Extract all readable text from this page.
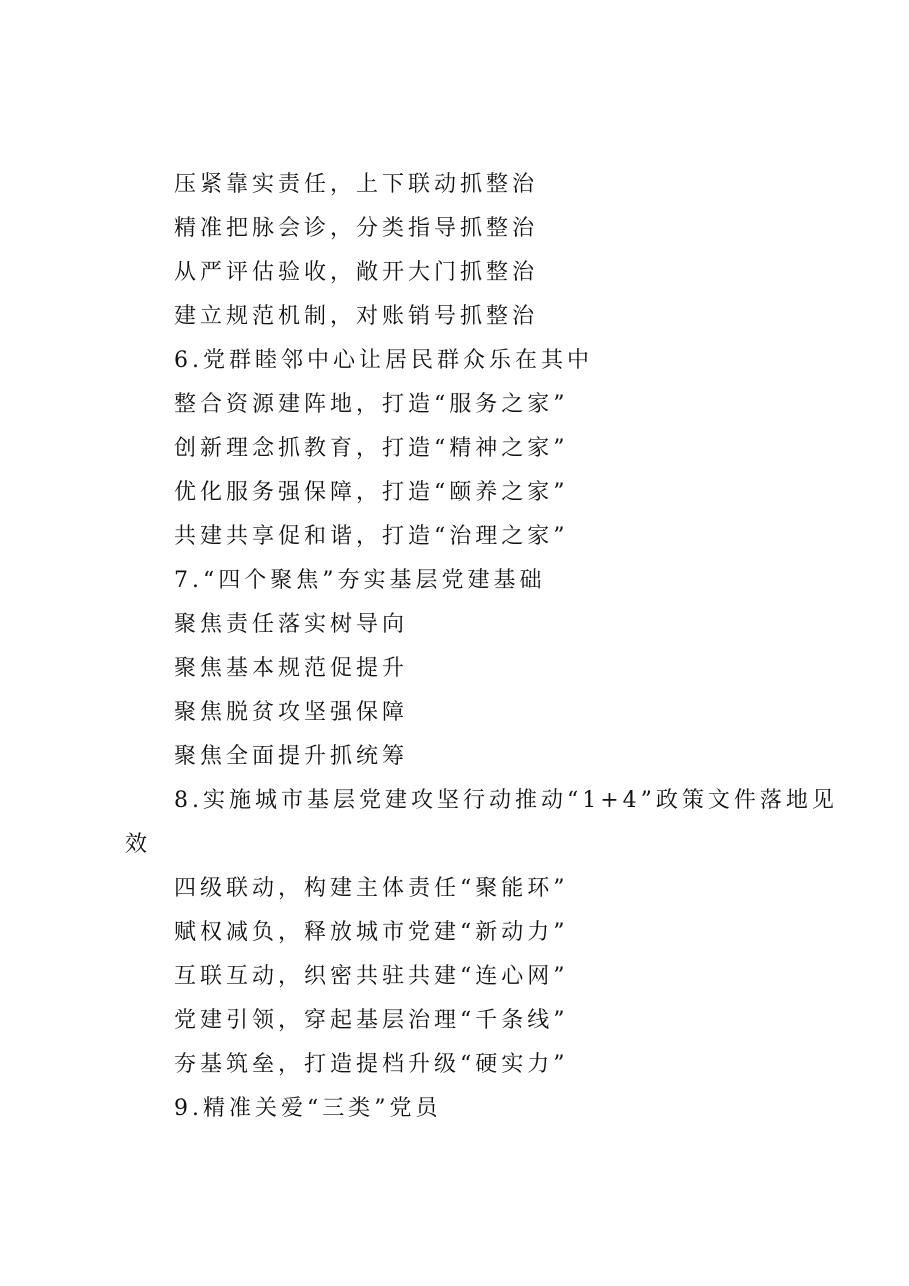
压紧靠实责任，上下联动抓整治
精准把脉会诊，分类指导抓整治
从严评估验收，敞开大门抓整治
建立规范机制，对账销号抓整治
6.党群睦邻中心让居民群众乐在其中
整合资源建阵地，打造“服务之家”
创新理念抓教育，打造“精神之家”
优化服务强保障，打造“颐养之家”
共建共享促和谐，打造“治理之家”
7.“四个聚焦”夯实基层党建基础
聚焦责任落实树导向
聚焦基本规范促提升
聚焦脱贫攻坚强保障
聚焦全面提升抓统筹
8.实施城市基层党建攻坚行动推动“1+4”政策文件落地见
效
四级联动，构建主体责任“聚能环”
赋权减负，释放城市党建“新动力”
互联互动，织密共驻共建“连心网”
党建引领，穿起基层治理“千条线”
夯基筑垒，打造提档升级“硬实力”
9.精准关爱“三类”党员
